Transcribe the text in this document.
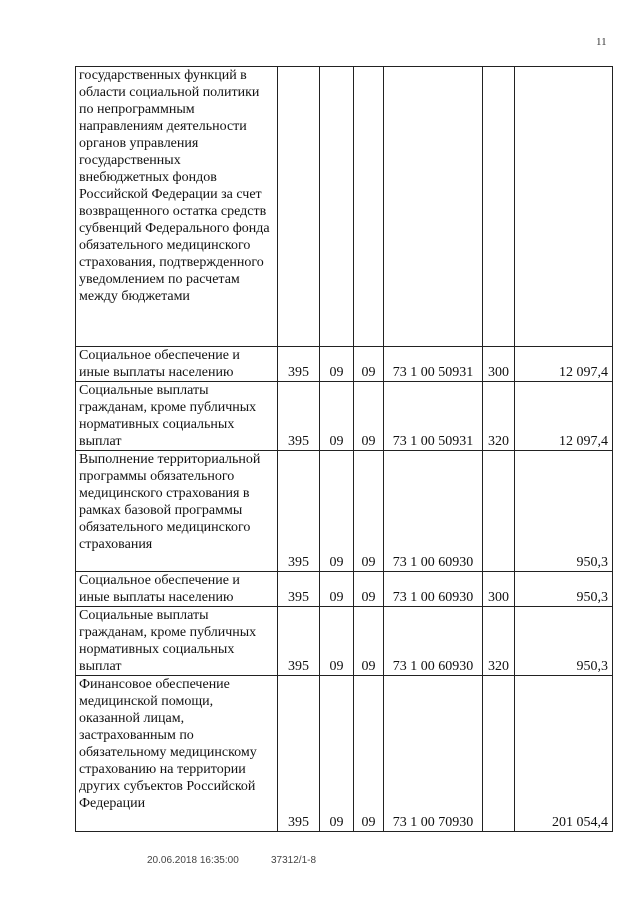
11
государственных функций в области социальной политики по непрограммным направлениям деятельности органов управления государственных внебюджетных фондов Российской Федерации за счет возвращенного остатка средств субвенций Федерального фонда обязательного медицинского страхования, подтвержденного уведомлением по расчетам между бюджетами						
Социальное обеспечение и иные выплаты населению	395	09	09	73 1 00 50931	300	12 097,4
Социальные выплаты гражданам, кроме публичных нормативных социальных выплат	395	09	09	73 1 00 50931	320	12 097,4
Выполнение территориальной программы обязательного медицинского страхования в рамках базовой программы обязательного медицинского страхования	395	09	09	73 1 00 60930		950,3
Социальное обеспечение и иные выплаты населению	395	09	09	73 1 00 60930	300	950,3
Социальные выплаты гражданам, кроме публичных нормативных социальных выплат	395	09	09	73 1 00 60930	320	950,3
Финансовое обеспечение медицинской помощи, оказанной лицам, застрахованным по обязательному медицинскому страхованию на территории других субъектов Российской Федерации	395	09	09	73 1 00 70930		201 054,4
20.06.2018 16:35:00	37312/1-8
